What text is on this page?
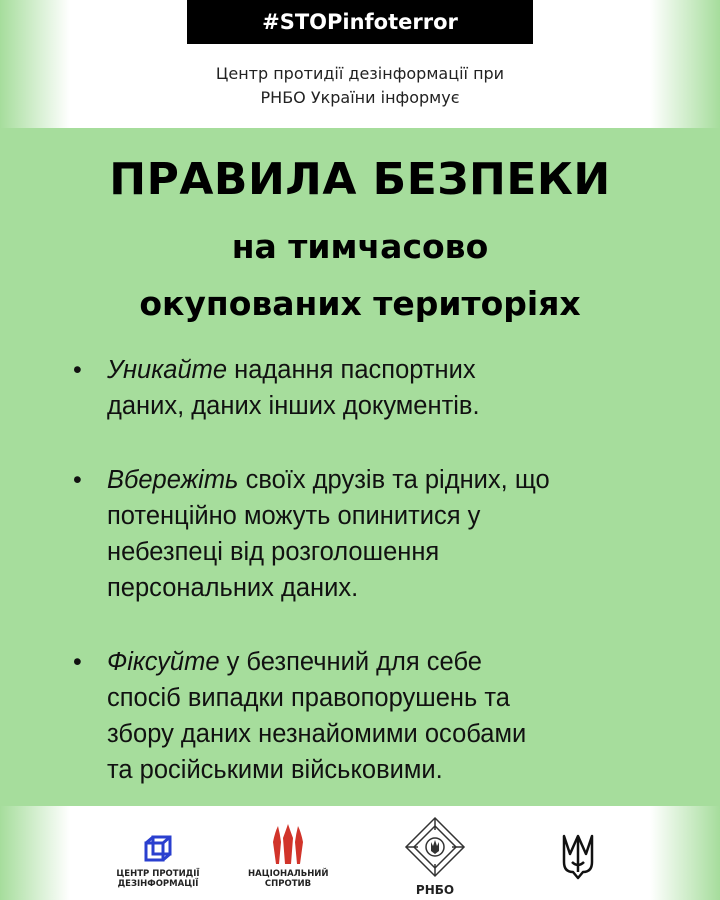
#STOPinfoterror
Центр протидії дезінформації при
РНБО України інформує
ПРАВИЛА БЕЗПЕКИ
на тимчасово
окупованих територіях
• Уникайте надання паспортних
даних, даних інших документів.
• Вбережіть своїх друзів та рідних, що
потенційно можуть опинитися у
небезпеці від розголошення
персональних даних.
• Фіксуйте у безпечний для себе
спосіб випадки правопорушень та
збору даних незнайомими особами
та російськими військовими.
ЦЕНТР ПРОТИДІЇ
ДЕЗІНФОРМАЦІЇ
НАЦІОНАЛЬНИЙ
СПРОТИВ	РНБО
